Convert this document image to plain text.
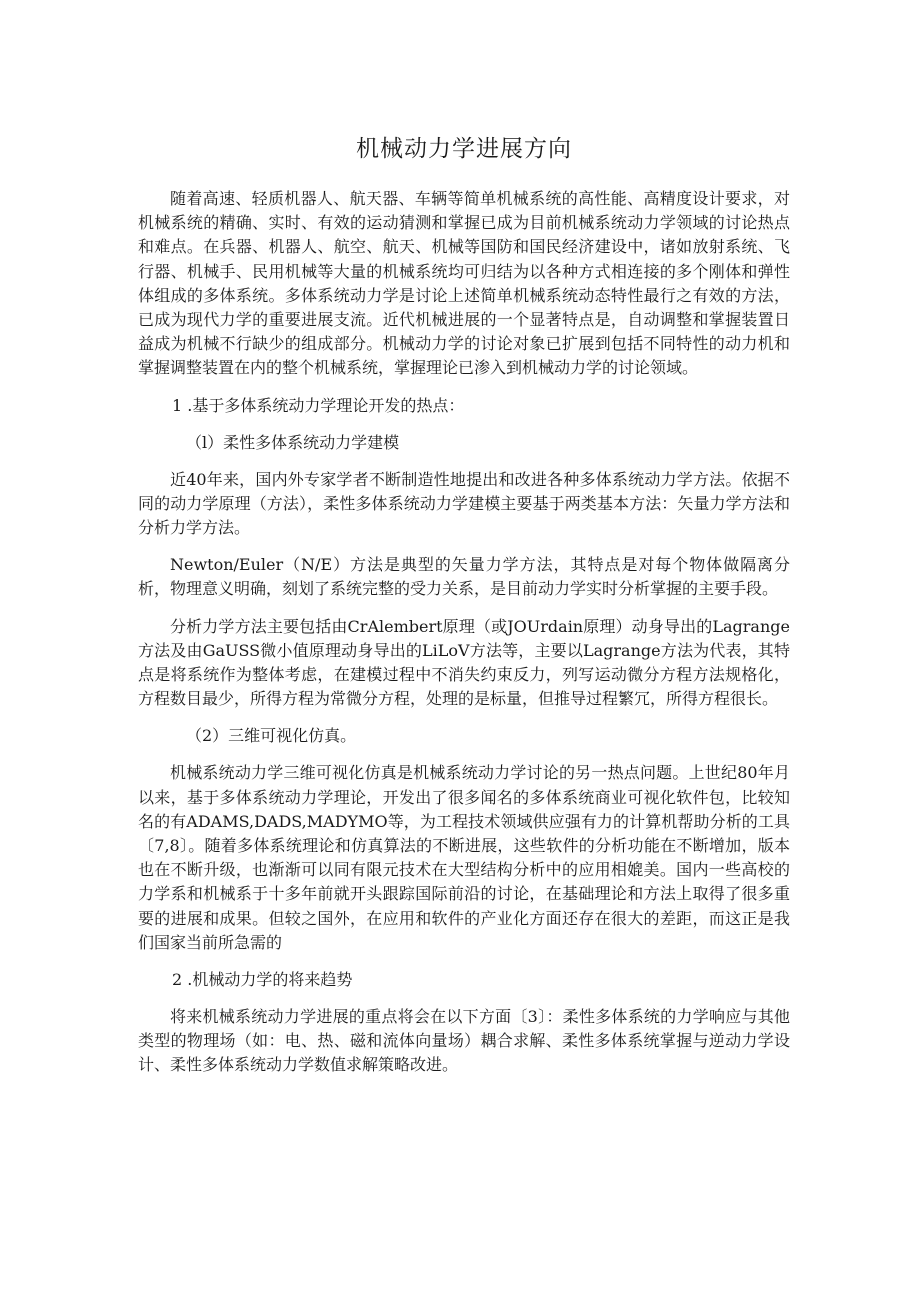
机械动力学进展方向

随着高速、轻质机器人、航天器、车辆等简单机械系统的高性能、高精度设计要求，对机械系统的精确、实时、有效的运动猜测和掌握已成为目前机械系统动力学领域的讨论热点和难点。在兵器、机器人、航空、航天、机械等国防和国民经济建设中，诸如放射系统、飞行器、机械手、民用机械等大量的机械系统均可归结为以各种方式相连接的多个刚体和弹性体组成的多体系统。多体系统动力学是讨论上述简单机械系统动态特性最行之有效的方法，已成为现代力学的重要进展支流。近代机械进展的一个显著特点是，自动调整和掌握装置日益成为机械不行缺少的组成部分。机械动力学的讨论对象已扩展到包括不同特性的动力机和掌握调整装置在内的整个机械系统，掌握理论已渗入到机械动力学的讨论领域。

1 .基于多体系统动力学理论开发的热点：
（l）柔性多体系统动力学建模

近40年来，国内外专家学者不断制造性地提出和改进各种多体系统动力学方法。依据不同的动力学原理（方法），柔性多体系统动力学建模主要基于两类基本方法：矢量力学方法和分析力学方法。

Newton/Euler（N/E）方法是典型的矢量力学方法，其特点是对每个物体做隔离分析，物理意义明确，刻划了系统完整的受力关系，是目前动力学实时分析掌握的主要手段。

分析力学方法主要包括由CrAlembert原理（或JOUrdain原理）动身导出的Lagrange方法及由GaUSS微小值原理动身导出的LiLoV方法等，主要以Lagrange方法为代表，其特点是将系统作为整体考虑，在建模过程中不消失约束反力，列写运动微分方程方法规格化，方程数目最少，所得方程为常微分方程，处理的是标量，但推导过程繁冗，所得方程很长。

（2）三维可视化仿真。

机械系统动力学三维可视化仿真是机械系统动力学讨论的另一热点问题。上世纪80年月以来，基于多体系统动力学理论，开发出了很多闻名的多体系统商业可视化软件包，比较知名的有ADAMS,DADS,MADYMO等，为工程技术领域供应强有力的计算机帮助分析的工具〔7,8〕。随着多体系统理论和仿真算法的不断进展，这些软件的分析功能在不断增加，版本也在不断升级，也渐渐可以同有限元技术在大型结构分析中的应用相媲美。国内一些高校的力学系和机械系于十多年前就开头跟踪国际前沿的讨论，在基础理论和方法上取得了很多重要的进展和成果。但较之国外，在应用和软件的产业化方面还存在很大的差距，而这正是我们国家当前所急需的

2 .机械动力学的将来趋势

将来机械系统动力学进展的重点将会在以下方面〔3〕：柔性多体系统的力学响应与其他类型的物理场（如：电、热、磁和流体向量场）耦合求解、柔性多体系统掌握与逆动力学设计、柔性多体系统动力学数值求解策略改进。
